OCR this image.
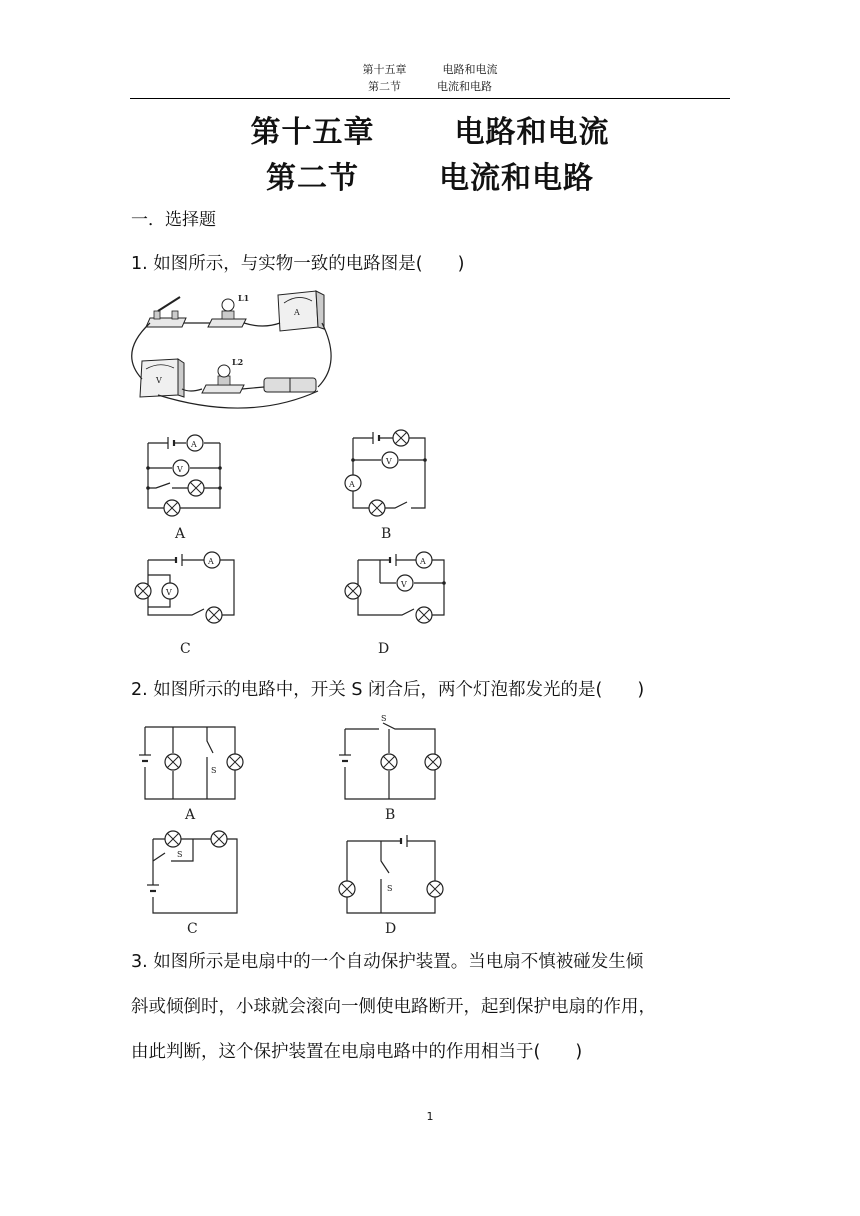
第十五章	电路和电流
第二节	电流和电路
第十五章	电路和电流
第二节	电流和电路
一．选择题
1. 如图所示，与实物一致的电路图是(　　)
L1
A
V
L2
A
V
A
V
A
B
A
V
C
A
V
D
2. 如图所示的电路中，开关 S 闭合后，两个灯泡都发光的是(　　)
S
A
S
B
S
C
S
D
3. 如图所示是电扇中的一个自动保护装置。当电扇不慎被碰发生倾
斜或倾倒时，小球就会滚向一侧使电路断开，起到保护电扇的作用，
由此判断，这个保护装置在电扇电路中的作用相当于(　　)
1
